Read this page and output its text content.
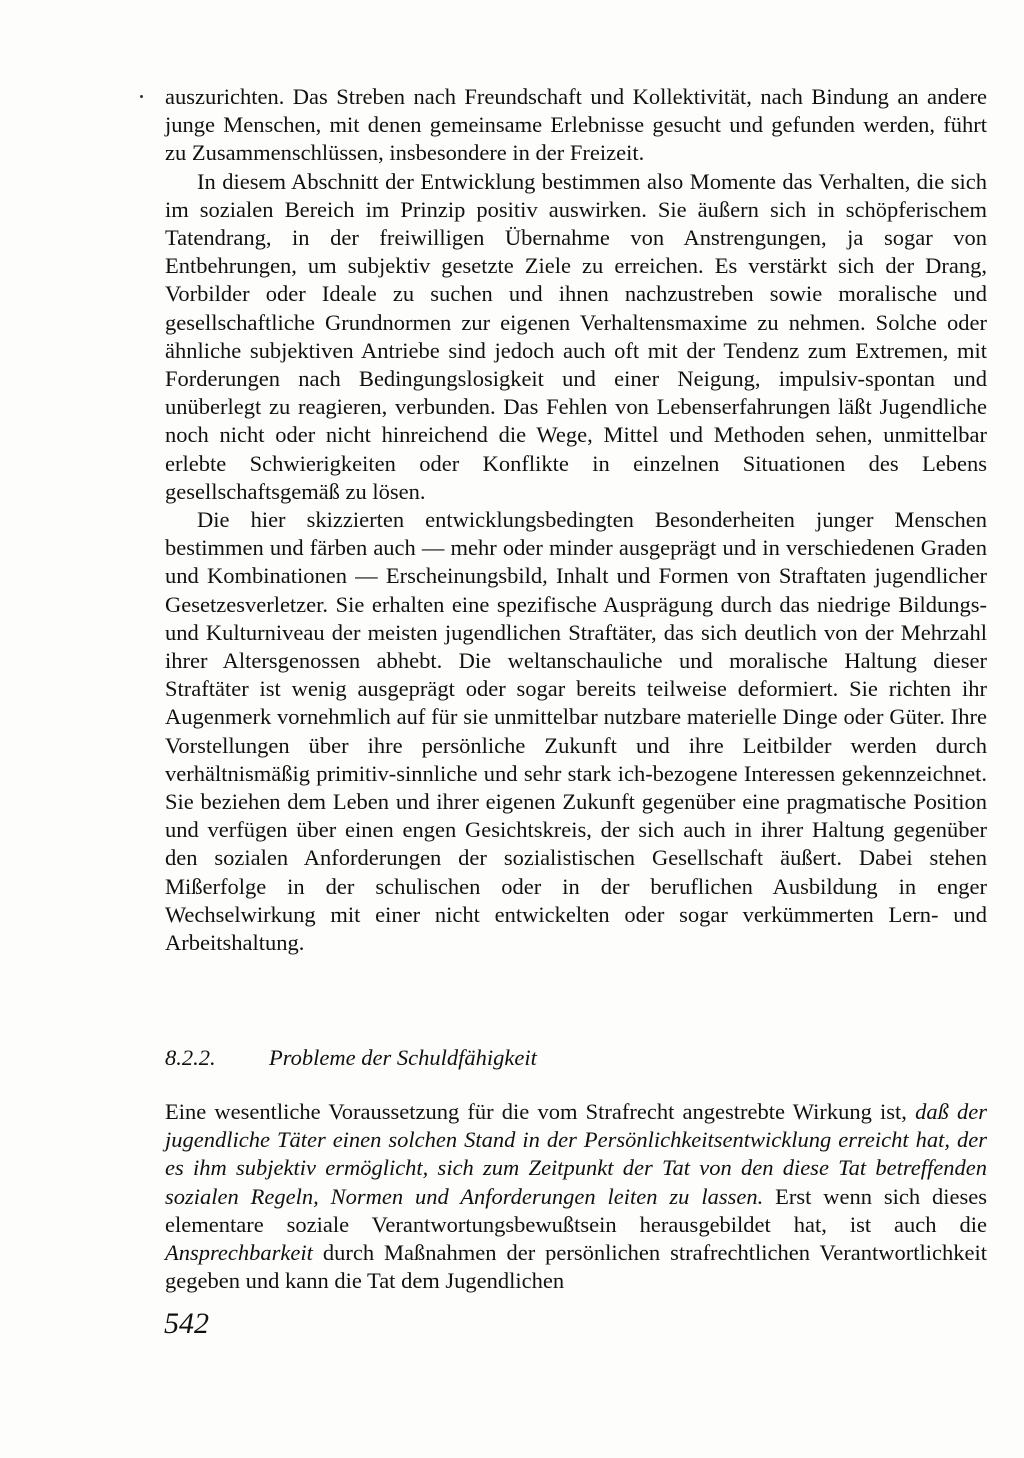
auszurichten. Das Streben nach Freundschaft und Kollektivität, nach Bindung an andere junge Menschen, mit denen gemeinsame Erlebnisse gesucht und gefunden werden, führt zu Zusammenschlüssen, insbesondere in der Freizeit.

In diesem Abschnitt der Entwicklung bestimmen also Momente das Verhalten, die sich im sozialen Bereich im Prinzip positiv auswirken. Sie äußern sich in schöpferischem Tatendrang, in der freiwilligen Übernahme von Anstrengungen, ja sogar von Entbehrungen, um subjektiv gesetzte Ziele zu erreichen. Es verstärkt sich der Drang, Vorbilder oder Ideale zu suchen und ihnen nachzustreben sowie moralische und gesellschaftliche Grundnormen zur eigenen Verhaltensmaxime zu nehmen. Solche oder ähnliche subjektiven Antriebe sind jedoch auch oft mit der Tendenz zum Extremen, mit Forderungen nach Bedingungslosigkeit und einer Neigung, impulsiv-spontan und unüberlegt zu reagieren, verbunden. Das Fehlen von Lebenserfahrungen läßt Jugendliche noch nicht oder nicht hinreichend die Wege, Mittel und Methoden sehen, unmittelbar erlebte Schwierigkeiten oder Konflikte in einzelnen Situationen des Lebens gesellschaftsgemäß zu lösen.

Die hier skizzierten entwicklungsbedingten Besonderheiten junger Menschen bestimmen und färben auch — mehr oder minder ausgeprägt und in verschiedenen Graden und Kombinationen — Erscheinungsbild, Inhalt und Formen von Straftaten jugendlicher Gesetzesverletzer. Sie erhalten eine spezifische Ausprägung durch das niedrige Bildungs- und Kulturniveau der meisten jugendlichen Straftäter, das sich deutlich von der Mehrzahl ihrer Altersgenossen abhebt. Die weltanschauliche und moralische Haltung dieser Straftäter ist wenig ausgeprägt oder sogar bereits teilweise deformiert. Sie richten ihr Augenmerk vornehmlich auf für sie unmittelbar nutzbare materielle Dinge oder Güter. Ihre Vorstellungen über ihre persönliche Zukunft und ihre Leitbilder werden durch verhältnismäßig primitiv-sinnliche und sehr stark ich-bezogene Interessen gekennzeichnet. Sie beziehen dem Leben und ihrer eigenen Zukunft gegenüber eine pragmatische Position und verfügen über einen engen Gesichtskreis, der sich auch in ihrer Haltung gegenüber den sozialen Anforderungen der sozialistischen Gesellschaft äußert. Dabei stehen Mißerfolge in der schulischen oder in der beruflichen Ausbildung in enger Wechselwirkung mit einer nicht entwickelten oder sogar verkümmerten Lern- und Arbeitshaltung.

8.2.2. Probleme der Schuldfähigkeit

Eine wesentliche Voraussetzung für die vom Strafrecht angestrebte Wirkung ist, daß der jugendliche Täter einen solchen Stand in der Persönlichkeitsentwicklung erreicht hat, der es ihm subjektiv ermöglicht, sich zum Zeitpunkt der Tat von den diese Tat betreffenden sozialen Regeln, Normen und Anforderungen leiten zu lassen. Erst wenn sich dieses elementare soziale Verantwortungsbewußtsein herausgebildet hat, ist auch die Ansprechbarkeit durch Maßnahmen der persönlichen strafrechtlichen Verantwortlichkeit gegeben und kann die Tat dem Jugendlichen

542
